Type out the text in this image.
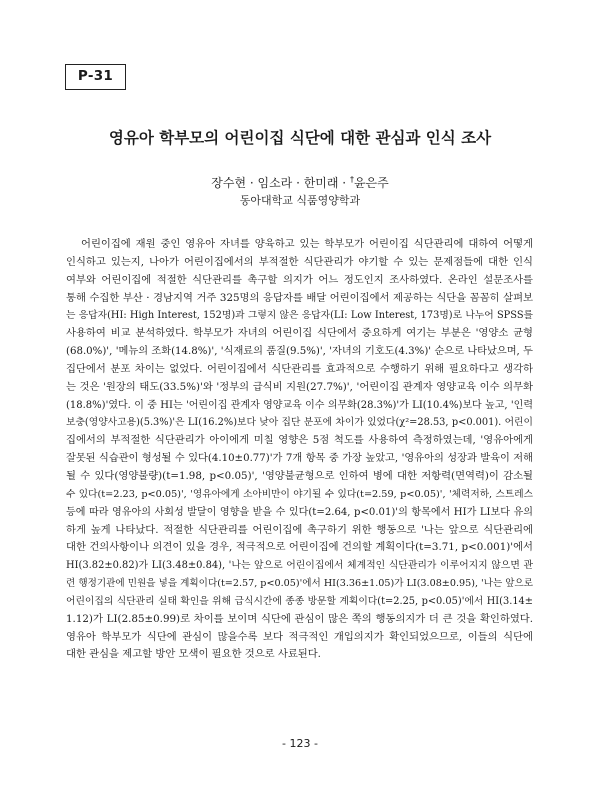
P-31
영유아 학부모의 어린이집 식단에 대한 관심과 인식 조사
장수현 · 임소라 · 한미래 · †윤은주
동아대학교 식품영양학과
어린이집에 재원 중인 영유아 자녀를 양육하고 있는 학부모가 어린이집 식단관리에 대하여 어떻게
인식하고 있는지, 나아가 어린이집에서의 부적절한 식단관리가 야기할 수 있는 문제점들에 대한 인식
여부와 어린이집에 적절한 식단관리를 촉구할 의지가 어느 정도인지 조사하였다. 온라인 설문조사를
통해 수집한 부산 · 경남지역 거주 325명의 응답자를 배달 어린이집에서 제공하는 식단을 꼼꼼히 살펴보
는 응답자(HI: High Interest, 152명)과 그렇지 않은 응답자(LI: Low Interest, 173명)로 나누어 SPSS를
사용하여 비교 분석하였다. 학부모가 자녀의 어린이집 식단에서 중요하게 여기는 부분은 '영양소 균형
(68.0%)', '메뉴의 조화(14.8%)', '식재료의 품질(9.5%)', '자녀의 기호도(4.3%)' 순으로 나타났으며, 두
집단에서 분포 차이는 없었다. 어린이집에서 식단관리를 효과적으로 수행하기 위해 필요하다고 생각하
는 것은 '원장의 태도(33.5%)'와 '정부의 급식비 지원(27.7%)', '어린이집 관계자 영양교육 이수 의무화
(18.8%)'였다. 이 중 HI는 '어린이집 관계자 영양교육 이수 의무화(28.3%)'가 LI(10.4%)보다 높고, '인력
보충(영양사고용)(5.3%)'은 LI(16.2%)보다 낮아 집단 분포에 차이가 있었다(χ²=28.53, p<0.001). 어린이
집에서의 부적절한 식단관리가 아이에게 미칠 영향은 5점 척도를 사용하여 측정하였는데, '영유아에게
잘못된 식습관이 형성될 수 있다(4.10±0.77)'가 7개 항목 중 가장 높았고, '영유아의 성장과 발육이 저해
될 수 있다(영양불량)(t=1.98, p<0.05)', '영양불균형으로 인하여 병에 대한 저항력(면역력)이 감소될
수 있다(t=2.23, p<0.05)', '영유아에게 소아비만이 야기될 수 있다(t=2.59, p<0.05)', '체력저하, 스트레스
등에 따라 영유아의 사회성 발달이 영향을 받을 수 있다(t=2.64, p<0.01)'의 항목에서 HI가 LI보다 유의
하게 높게 나타났다. 적절한 식단관리를 어린이집에 촉구하기 위한 행동으로 '나는 앞으로 식단관리에
대한 건의사항이나 의견이 있을 경우, 적극적으로 어린이집에 건의할 계획이다(t=3.71, p<0.001)'에서
HI(3.82±0.82)가 LI(3.48±0.84), '나는 앞으로 어린이집에서 체계적인 식단관리가 이루어지지 않으면 관
련 행정기관에 민원을 넣을 계획이다(t=2.57, p<0.05)'에서 HI(3.36±1.05)가 LI(3.08±0.95), '나는 앞으로
어린이집의 식단관리 실태 확인을 위해 급식시간에 종종 방문할 계획이다(t=2.25, p<0.05)'에서 HI(3.14±
1.12)가 LI(2.85±0.99)로 차이를 보이며 식단에 관심이 많은 쪽의 행동의지가 더 큰 것을 확인하였다.
영유아 학부모가 식단에 관심이 많을수록 보다 적극적인 개입의지가 확인되었으므로, 이들의 식단에
대한 관심을 제고할 방안 모색이 필요한 것으로 사료된다.
- 123 -
